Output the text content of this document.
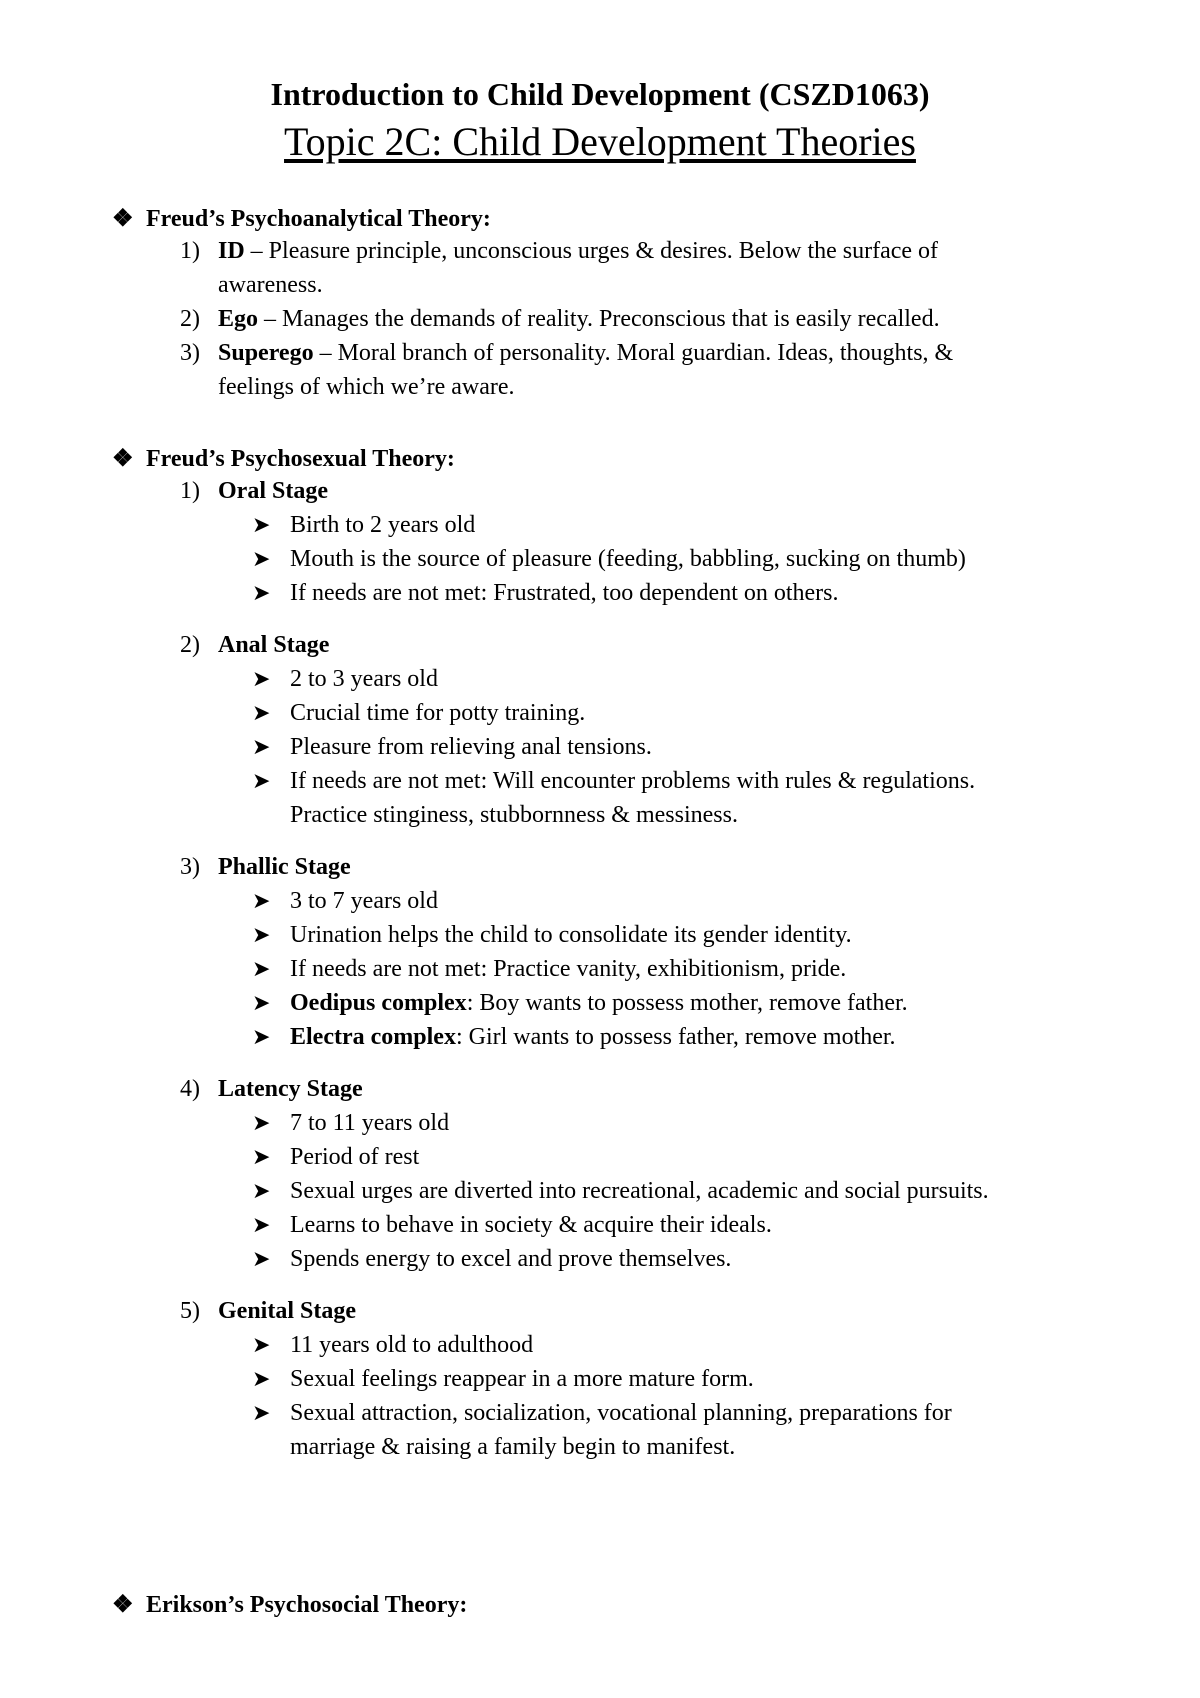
Introduction to Child Development (CSZD1063)
Topic 2C: Child Development Theories
❖ Freud’s Psychoanalytical Theory:
1) ID – Pleasure principle, unconscious urges & desires. Below the surface of
awareness.
2) Ego – Manages the demands of reality. Preconscious that is easily recalled.
3) Superego – Moral branch of personality. Moral guardian. Ideas, thoughts, &
feelings of which we’re aware.
❖ Freud’s Psychosexual Theory:
1) Oral Stage
➤ Birth to 2 years old
➤ Mouth is the source of pleasure (feeding, babbling, sucking on thumb)
➤ If needs are not met: Frustrated, too dependent on others.
2) Anal Stage
➤ 2 to 3 years old
➤ Crucial time for potty training.
➤ Pleasure from relieving anal tensions.
➤ If needs are not met: Will encounter problems with rules & regulations.
Practice stinginess, stubbornness & messiness.
3) Phallic Stage
➤ 3 to 7 years old
➤ Urination helps the child to consolidate its gender identity.
➤ If needs are not met: Practice vanity, exhibitionism, pride.
➤ Oedipus complex: Boy wants to possess mother, remove father.
➤ Electra complex: Girl wants to possess father, remove mother.
4) Latency Stage
➤ 7 to 11 years old
➤ Period of rest
➤ Sexual urges are diverted into recreational, academic and social pursuits.
➤ Learns to behave in society & acquire their ideals.
➤ Spends energy to excel and prove themselves.
5) Genital Stage
➤ 11 years old to adulthood
➤ Sexual feelings reappear in a more mature form.
➤ Sexual attraction, socialization, vocational planning, preparations for
marriage & raising a family begin to manifest.
❖ Erikson’s Psychosocial Theory:
